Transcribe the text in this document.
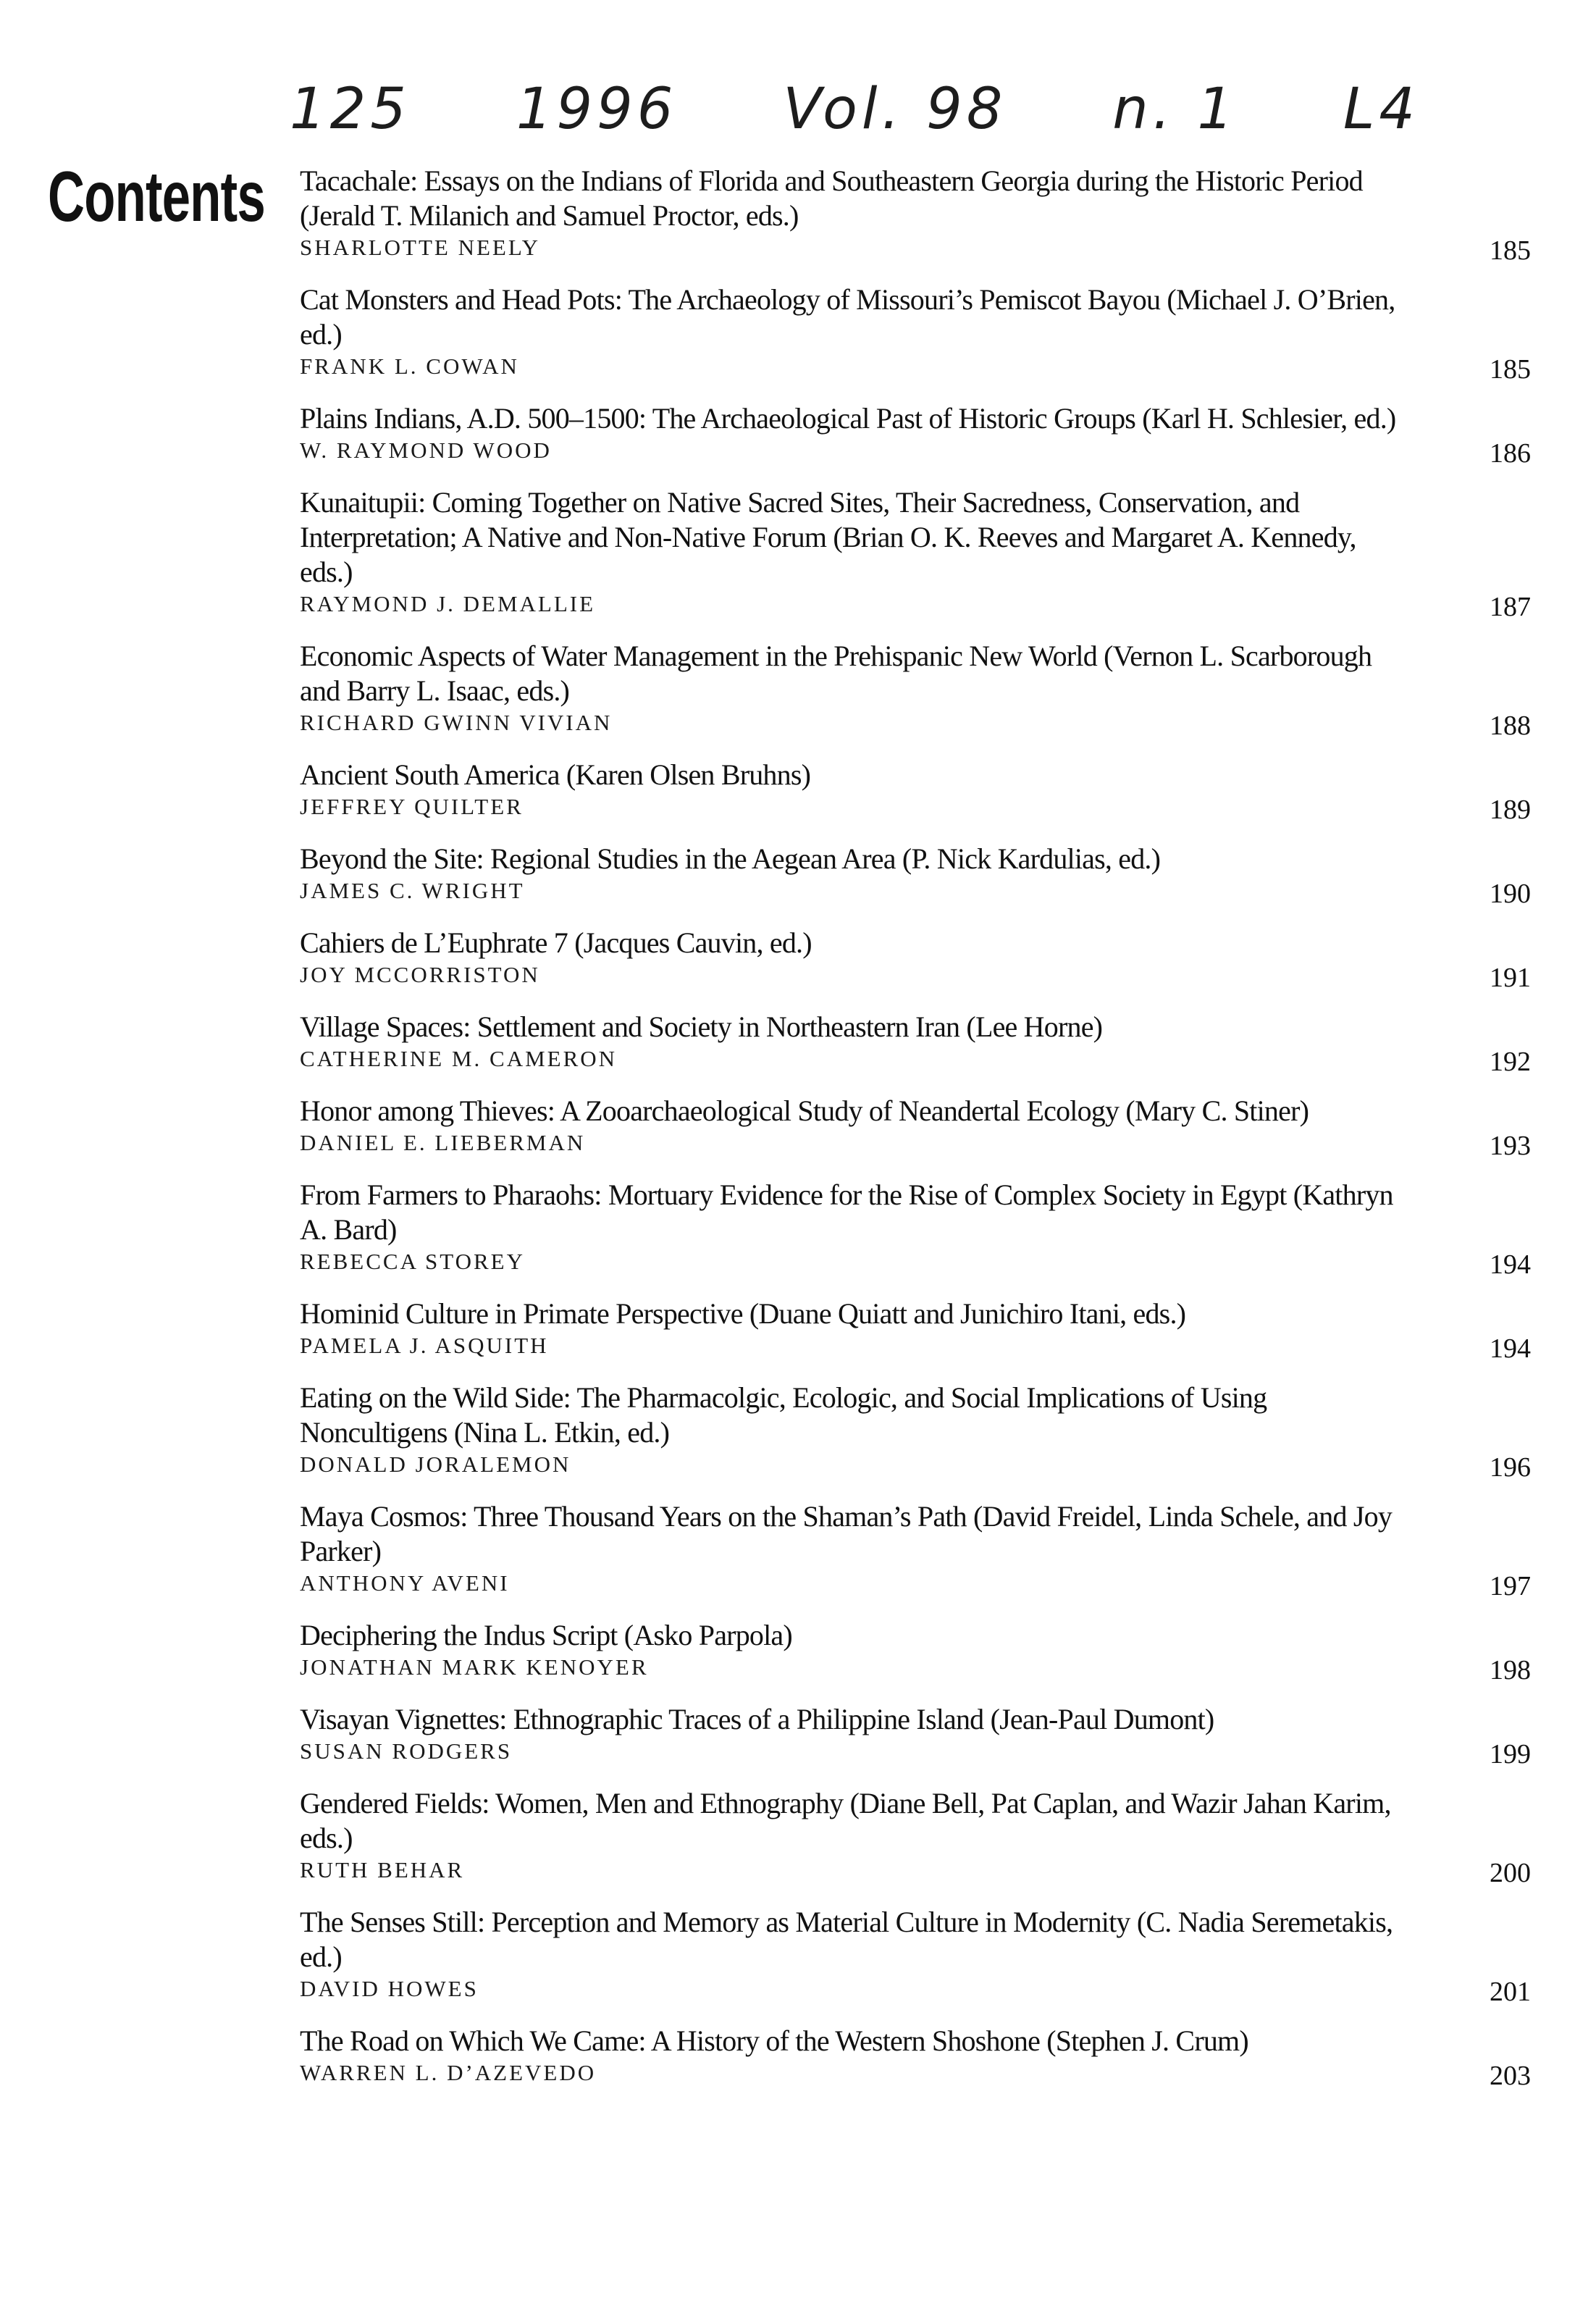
125 1996 Vol. 98 n. 1 L4
Contents Tacachale: Essays on the Indians of Florida and Southeastern Georgia during the Historic Period (Jerald T. Milanich and Samuel Proctor, eds.)
SHARLOTTE NEELY	185
Cat Monsters and Head Pots: The Archaeology of Missouri’s Pemiscot Bayou (Michael J. O’Brien, ed.)
FRANK L. COWAN	185
Plains Indians, A.D. 500–1500: The Archaeological Past of Historic Groups (Karl H. Schlesier, ed.)
W. RAYMOND WOOD	186
Kunaitupii: Coming Together on Native Sacred Sites, Their Sacredness, Conservation, and Interpretation; A Native and Non-Native Forum (Brian O. K. Reeves and Margaret A. Kennedy, eds.)
RAYMOND J. DEMALLIE	187
Economic Aspects of Water Management in the Prehispanic New World (Vernon L. Scarborough and Barry L. Isaac, eds.)
RICHARD GWINN VIVIAN	188
Ancient South America (Karen Olsen Bruhns)
JEFFREY QUILTER	189
Beyond the Site: Regional Studies in the Aegean Area (P. Nick Kardulias, ed.)
JAMES C. WRIGHT	190
Cahiers de L’Euphrate 7 (Jacques Cauvin, ed.)
JOY MCCORRISTON	191
Village Spaces: Settlement and Society in Northeastern Iran (Lee Horne)
CATHERINE M. CAMERON	192
Honor among Thieves: A Zooarchaeological Study of Neandertal Ecology (Mary C. Stiner)
DANIEL E. LIEBERMAN	193
From Farmers to Pharaohs: Mortuary Evidence for the Rise of Complex Society in Egypt (Kathryn A. Bard)
REBECCA STOREY	194
Hominid Culture in Primate Perspective (Duane Quiatt and Junichiro Itani, eds.)
PAMELA J. ASQUITH	194
Eating on the Wild Side: The Pharmacolgic, Ecologic, and Social Implications of Using Noncultigens (Nina L. Etkin, ed.)
DONALD JORALEMON	196
Maya Cosmos: Three Thousand Years on the Shaman’s Path (David Freidel, Linda Schele, and Joy Parker)
ANTHONY AVENI	197
Deciphering the Indus Script (Asko Parpola)
JONATHAN MARK KENOYER	198
Visayan Vignettes: Ethnographic Traces of a Philippine Island (Jean-Paul Dumont)
SUSAN RODGERS	199
Gendered Fields: Women, Men and Ethnography (Diane Bell, Pat Caplan, and Wazir Jahan Karim, eds.)
RUTH BEHAR	200
The Senses Still: Perception and Memory as Material Culture in Modernity (C. Nadia Seremetakis, ed.)
DAVID HOWES	201
The Road on Which We Came: A History of the Western Shoshone (Stephen J. Crum)
WARREN L. D’AZEVEDO	203
